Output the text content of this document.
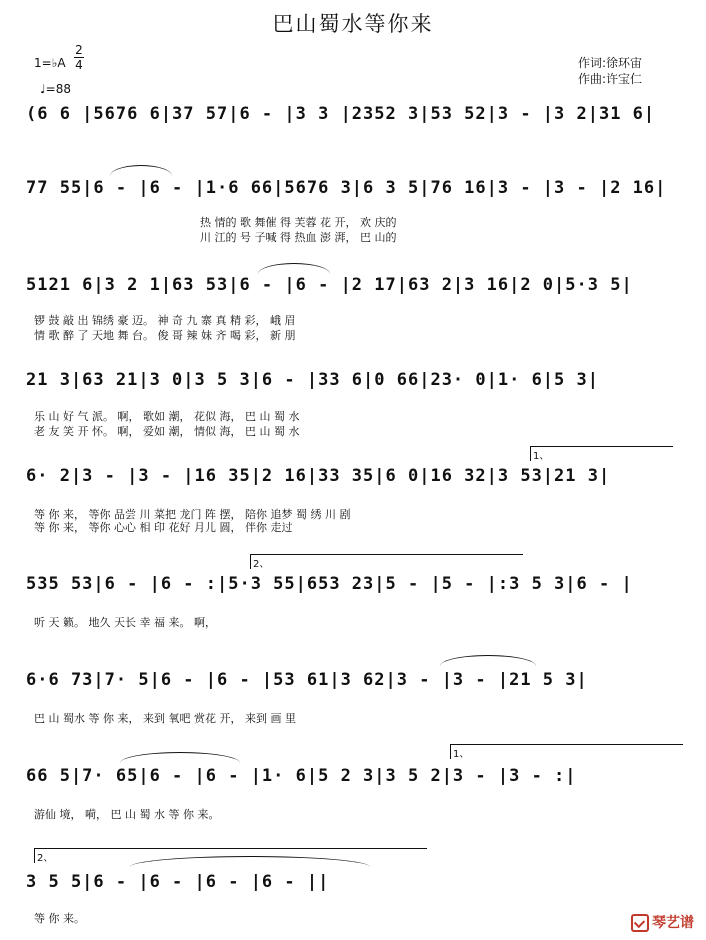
巴山蜀水等你来
1=♭A
2
4
♩=88
作词:徐环宙
作曲:许宝仁
(6 6 |5676 6|37 57|6 - |3 3 |2352 3|53 52|3 - |3 2|31 6|
77 55|6 - |6 - |1·6 66|5676 3|6 3 5|76 16|3 - |3 - |2 16|
热 情的 歌 舞催 得 芙蓉 花 开， 欢 庆的
川 江的 号 子喊 得 热血 澎 湃， 巴 山的
5121 6|3 2 1|63 53|6 - |6 - |2 17|63 2|3 16|2 0|5·3 5|
锣 鼓 敲 出 锦绣 豪 迈。 神 奇 九 寨 真 精 彩， 峨 眉
情 歌 醉 了 天地 舞 台。 俊 哥 辣 妹 齐 喝 彩， 新 朋
21 3|63 21|3 0|3 5 3|6 - |33 6|0 66|23· 0|1· 6|5 3|
乐 山 好 气 派。 啊， 歌如 潮， 花似 海， 巴 山 蜀 水
老 友 笑 开 怀。 啊， 爱如 潮， 情似 海， 巴 山 蜀 水
1、
6· 2|3 - |3 - |16 35|2 16|33 35|6 0|16 32|3 53|21 3|
等 你 来， 等你 品尝 川 菜把 龙门 阵 摆， 陪你 追梦 蜀 绣 川 剧
等 你 来， 等你 心心 相 印 花好 月儿 圆， 伴你 走过
2、
535 53|6 - |6 - :|5·3 55|653 23|5 - |5 - |:3 5 3|6 - |
听 天 籁。 地久 天长 幸 福 来。 啊，
6·6 73|7· 5|6 - |6 - |53 61|3 62|3 - |3 - |21 5 3|
巴 山 蜀水 等 你 来， 来到 氧吧 赏花 开， 来到 画 里
1、
66 5|7· 65|6 - |6 - |1· 6|5 2 3|3 5 2|3 - |3 - :|
游仙 境， 嗬， 巴 山 蜀 水 等 你 来。
2、
3 5 5|6 - |6 - |6 - |6 - ||
等 你 来。	琴艺谱
